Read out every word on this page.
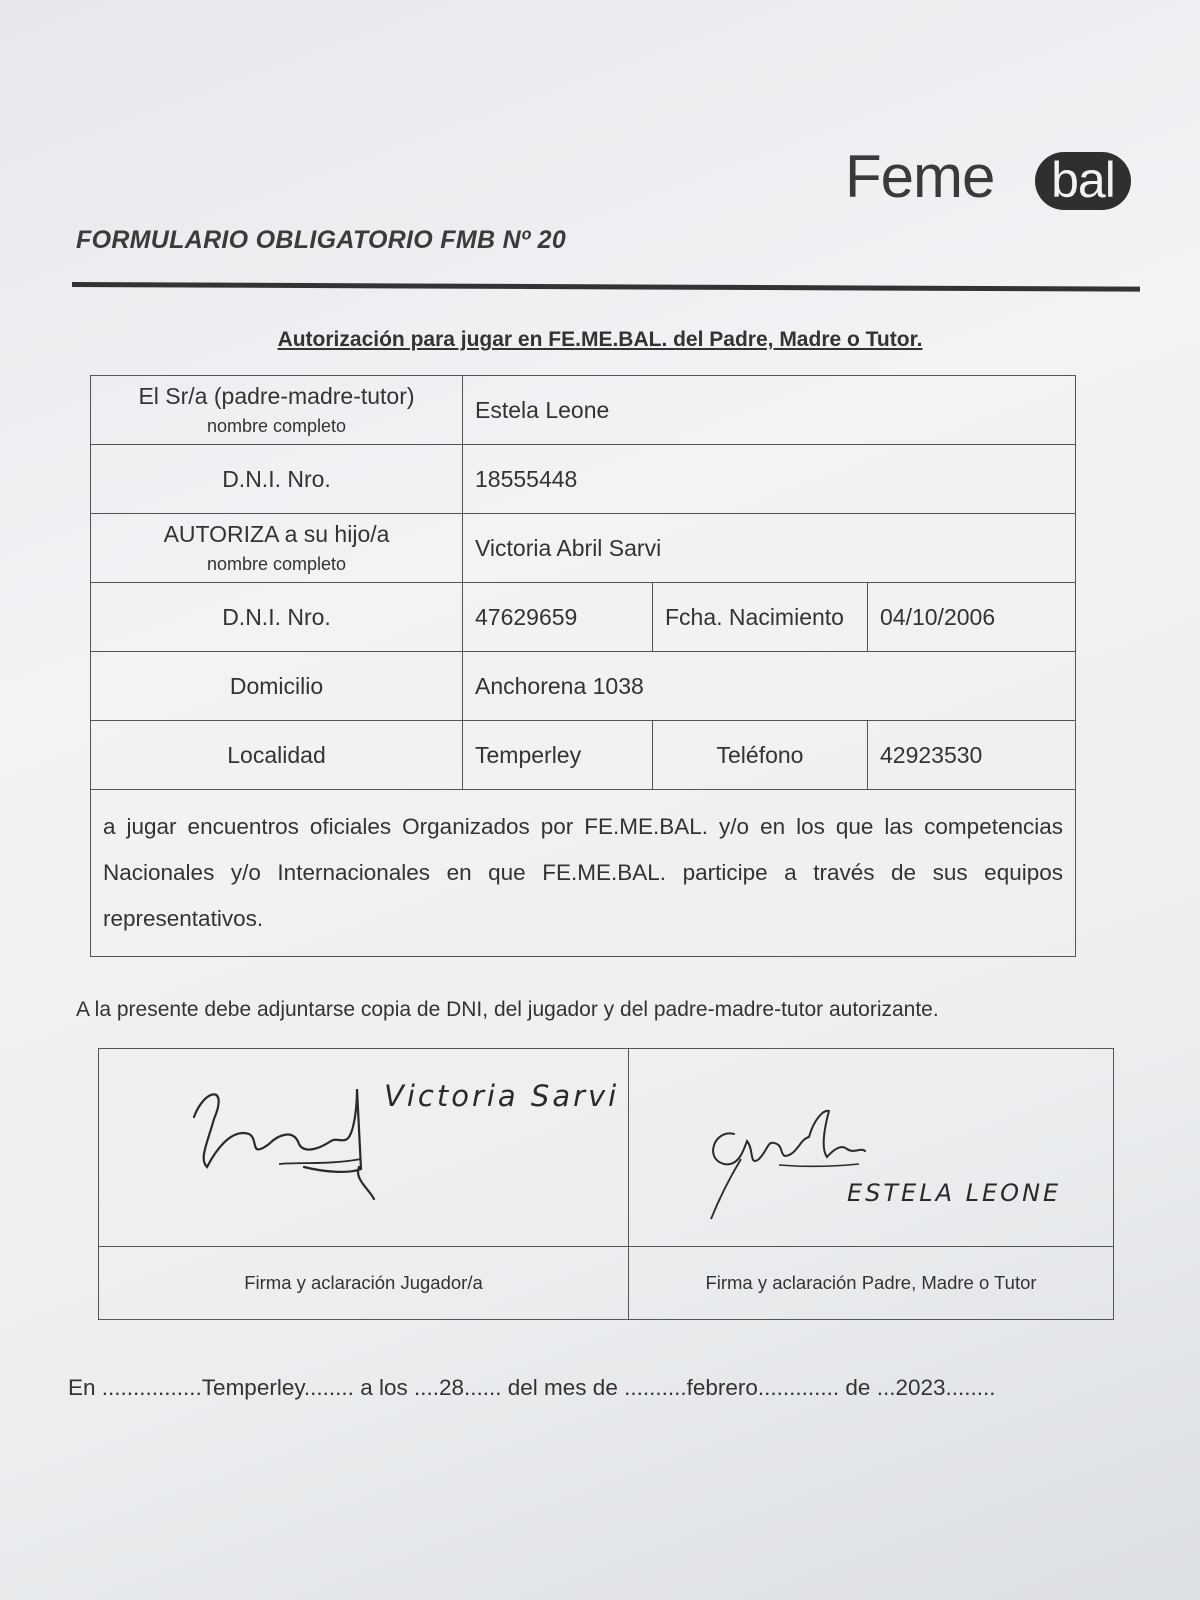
Feme	bal
FORMULARIO OBLIGATORIO FMB Nº 20
Autorización para jugar en FE.ME.BAL. del Padre, Madre o Tutor.
El Sr/a (padre-madre-tutor)
nombre completo	Estela Leone		
D.N.I. Nro.	18555448		

AUTORIZA a su hijo/a
nombre completo	Victoria Abril Sarvi		
D.N.I. Nro.	47629659	Fcha. Nacimiento	04/10/2006
Domicilio	Anchorena 1038		
Localidad	Temperley	Teléfono	42923530
a jugar encuentros oficiales Organizados por FE.ME.BAL. y/o en los que las competencias Nacionales y/o Internacionales en que FE.ME.BAL. participe a través de sus equipos representativos.			
A la presente debe adjuntarse copia de DNI, del jugador y del padre-madre-tutor autorizante.
Victoria Sarvi	ESTELA LEONE

Firma y aclaración Jugador/a	Firma y aclaración Padre, Madre o Tutor
En ................Temperley........ a los ....28...... del mes de ..........febrero............. de ...2023........
